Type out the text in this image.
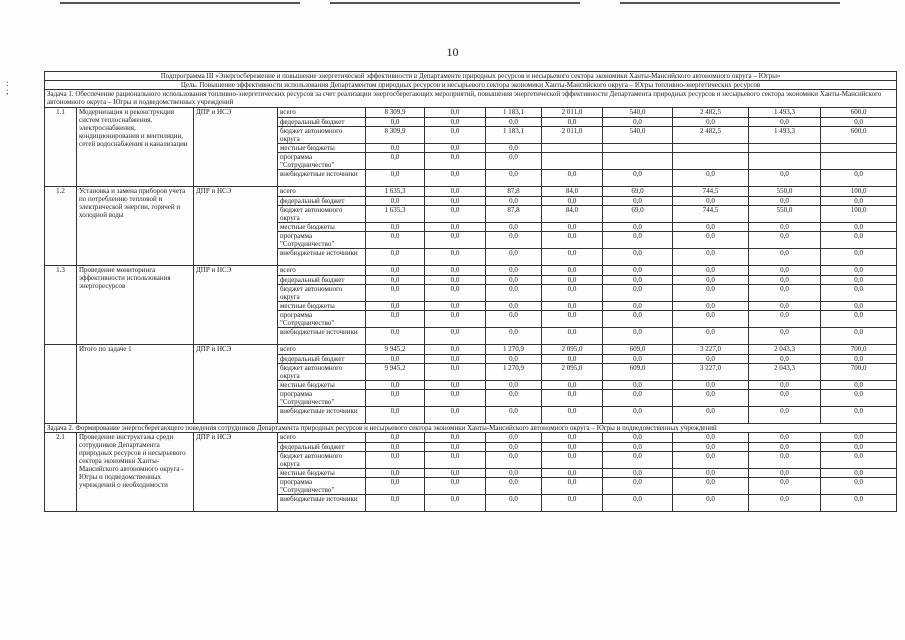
10
:
;
Подпрограмма III «Энергосбережение и повышение энергетической эффективности в Департаменте природных ресурсов и несырьевого сектора экономики Ханты-Мансийского автономного округа – Югры»											
Цель. Повышение эффективности использования Департаментом природных ресурсов и несырьевого сектора экономики Ханты-Мансийского округа – Югры топливно-энергетических ресурсов											
Задача 1. Обеспечение рационального использования топливно-энергетических ресурсов за счет реализации энергосберегающих мероприятий, повышения энергетической эффективности Департамента природных ресурсов и несырьевого сектора экономики Ханты-Мансийского автономного округа – Югры и подведомственных учреждений											
1.1	Модернизация и реконструкция систем теплоснабжения, электроснабжения, кондиционирования и вентиляции, сетей водоснабжения и канализации	ДПР и НСЭ	всего	8 309,9	0,0	1 183,1	2 011,0	540,0	2 482,5	1 493,3	600,0
			федеральный бюджет	0,0	0,0	0,0	0,0	0,0	0,0	0,0	0,0
			бюджет автономного округа	8 309,9	0,0	1 183,1	2 011,0	540,0	2 482,5	1 493,3	600,0
			местные бюджеты	0,0	0,0	0,0					
			программа "Сотрудничество"	0,0	0,0	0,0					
			внебюджетные источники	0,0	0,0	0,0	0,0	0,0	0,0	0,0	0,0
1.2	Установка и замена приборов учета по потреблению тепловой и электрической энергии, горячей и холодной воды	ДПР и НСЭ	всего	1 635,3	0,0	87,8	84,0	69,0	744,5	550,0	100,0
			федеральный бюджет	0,0	0,0	0,0	0,0	0,0	0,0	0,0	0,0
			бюджет автономного округа	1 635,3	0,0	87,8	84,0	69,0	744,5	550,0	100,0
			местные бюджеты	0,0	0,0	0,0	0,0	0,0	0,0	0,0	0,0
			программа "Сотрудничество"	0,0	0,0	0,0	0,0	0,0	0,0	0,0	0,0
			внебюджетные источники	0,0	0,0	0,0	0,0	0,0	0,0	0,0	0,0
1.3	Проведение мониторинга эффективности использования энергоресурсов	ДПР и НСЭ	всего	0,0	0,0	0,0	0,0	0,0	0,0	0,0	0,0
			федеральный бюджет	0,0	0,0	0,0	0,0	0,0	0,0	0,0	0,0
			бюджет автономного округа	0,0	0,0	0,0	0,0	0,0	0,0	0,0	0,0
			местные бюджеты	0,0	0,0	0,0	0,0	0,0	0,0	0,0	0,0
			программа "Сотрудничество"	0,0	0,0	0,0	0,0	0,0	0,0	0,0	0,0
			внебюджетные источники	0,0	0,0	0,0	0,0	0,0	0,0	0,0	0,0
	Итого по задаче 1	ДПР и НСЭ	всего	9 945,2	0,0	1 270,9	2 095,0	609,0	3 227,0	2 043,3	700,0
			федеральный бюджет	0,0	0,0	0,0	0,0	0,0	0,0	0,0	0,0
			бюджет автономного округа	9 945,2	0,0	1 270,9	2 095,0	609,0	3 227,0	2 043,3	700,0
			местные бюджеты	0,0	0,0	0,0	0,0	0,0	0,0	0,0	0,0
			программа "Сотрудничество"	0,0	0,0	0,0	0,0	0,0	0,0	0,0	0,0
			внебюджетные источники	0,0	0,0	0,0	0,0	0,0	0,0	0,0	0,0
Задача 2. Формирование энергосберегающего поведения сотрудников Департамента природных ресурсов и несырьевого сектора экономики Ханты-Мансийского автономного округа – Югры и подведомственных учреждений											
2.1	Проведение инструктажа среди сотрудников Департамента природных ресурсов и несырьевого сектора экономики Ханты-Мансийского автономного округа - Югры и подведомственных учреждений о необходимости	ДПР и НСЭ	всего	0,0	0,0	0,0	0,0	0,0	0,0	0,0	0,0
			федеральный бюджет	0,0	0,0	0,0	0,0	0,0	0,0	0,0	0,0
			бюджет автономного округа	0,0	0,0	0,0	0,0	0,0	0,0	0,0	0,0
			местные бюджеты	0,0	0,0	0,0	0,0	0,0	0,0	0,0	0,0
			программа "Сотрудничество"	0,0	0,0	0,0	0,0	0,0	0,0	0,0	0,0
			внебюджетные источники	0,0	0,0	0,0	0,0	0,0	0,0	0,0	0,0
